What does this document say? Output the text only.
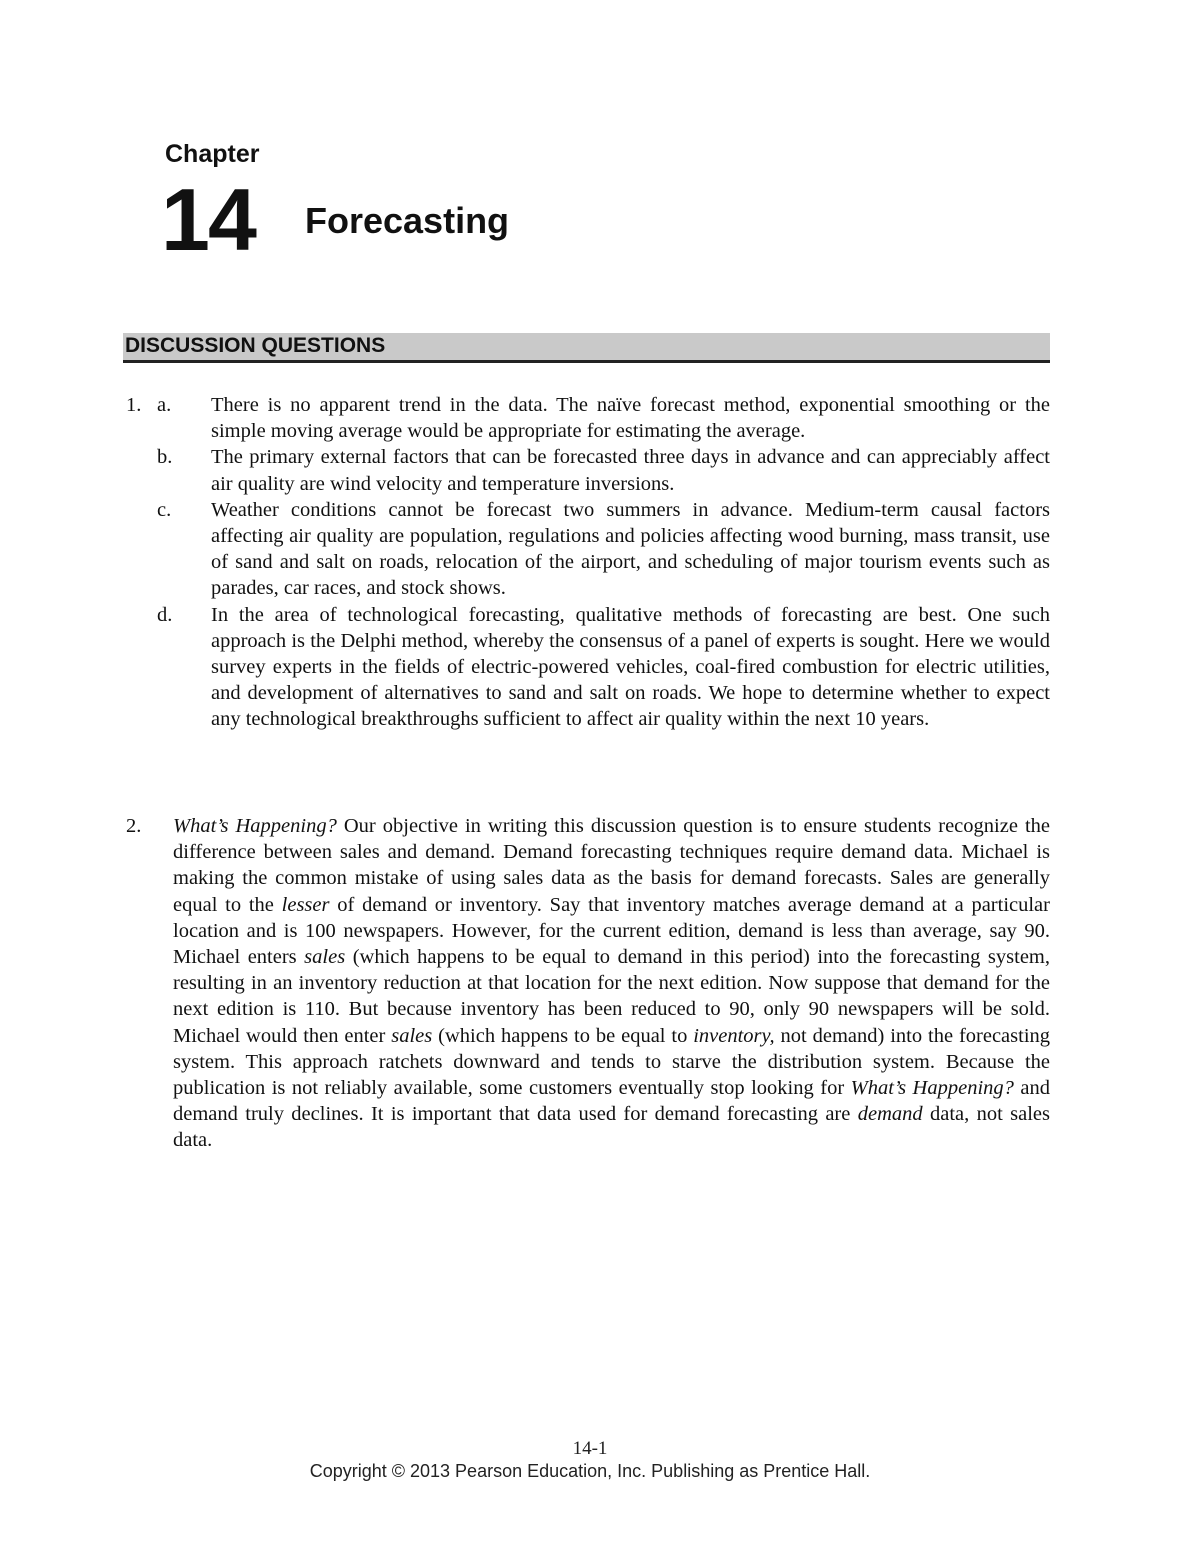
Chapter
14 Forecasting
DISCUSSION QUESTIONS
1. a.	There is no apparent trend in the data. The naïve forecast method, exponential smoothing or the simple moving average would be appropriate for estimating the average.
b.	The primary external factors that can be forecasted three days in advance and can appreciably affect air quality are wind velocity and temperature inversions.
c.	Weather conditions cannot be forecast two summers in advance. Medium-term causal factors affecting air quality are population, regulations and policies affecting wood burning, mass transit, use of sand and salt on roads, relocation of the airport, and scheduling of major tourism events such as parades, car races, and stock shows.
d.	In the area of technological forecasting, qualitative methods of forecasting are best. One such approach is the Delphi method, whereby the consensus of a panel of experts is sought. Here we would survey experts in the fields of electric-powered vehicles, coal-fired combustion for electric utilities, and development of alternatives to sand and salt on roads. We hope to determine whether to expect any technological breakthroughs sufficient to affect air quality within the next 10 years.
2. What’s Happening? Our objective in writing this discussion question is to ensure students recognize the difference between sales and demand. Demand forecasting techniques require demand data. Michael is making the common mistake of using sales data as the basis for demand forecasts. Sales are generally equal to the lesser of demand or inventory. Say that inventory matches average demand at a particular location and is 100 newspapers. However, for the current edition, demand is less than average, say 90. Michael enters sales (which happens to be equal to demand in this period) into the forecasting system, resulting in an inventory reduction at that location for the next edition. Now suppose that demand for the next edition is 110. But because inventory has been reduced to 90, only 90 newspapers will be sold. Michael would then enter sales (which happens to be equal to inventory, not demand) into the forecasting system. This approach ratchets downward and tends to starve the distribution system. Because the publication is not reliably available, some customers eventually stop looking for What’s Happening? and demand truly declines. It is important that data used for demand forecasting are demand data, not sales data.
14-1
Copyright © 2013 Pearson Education, Inc. Publishing as Prentice Hall.
